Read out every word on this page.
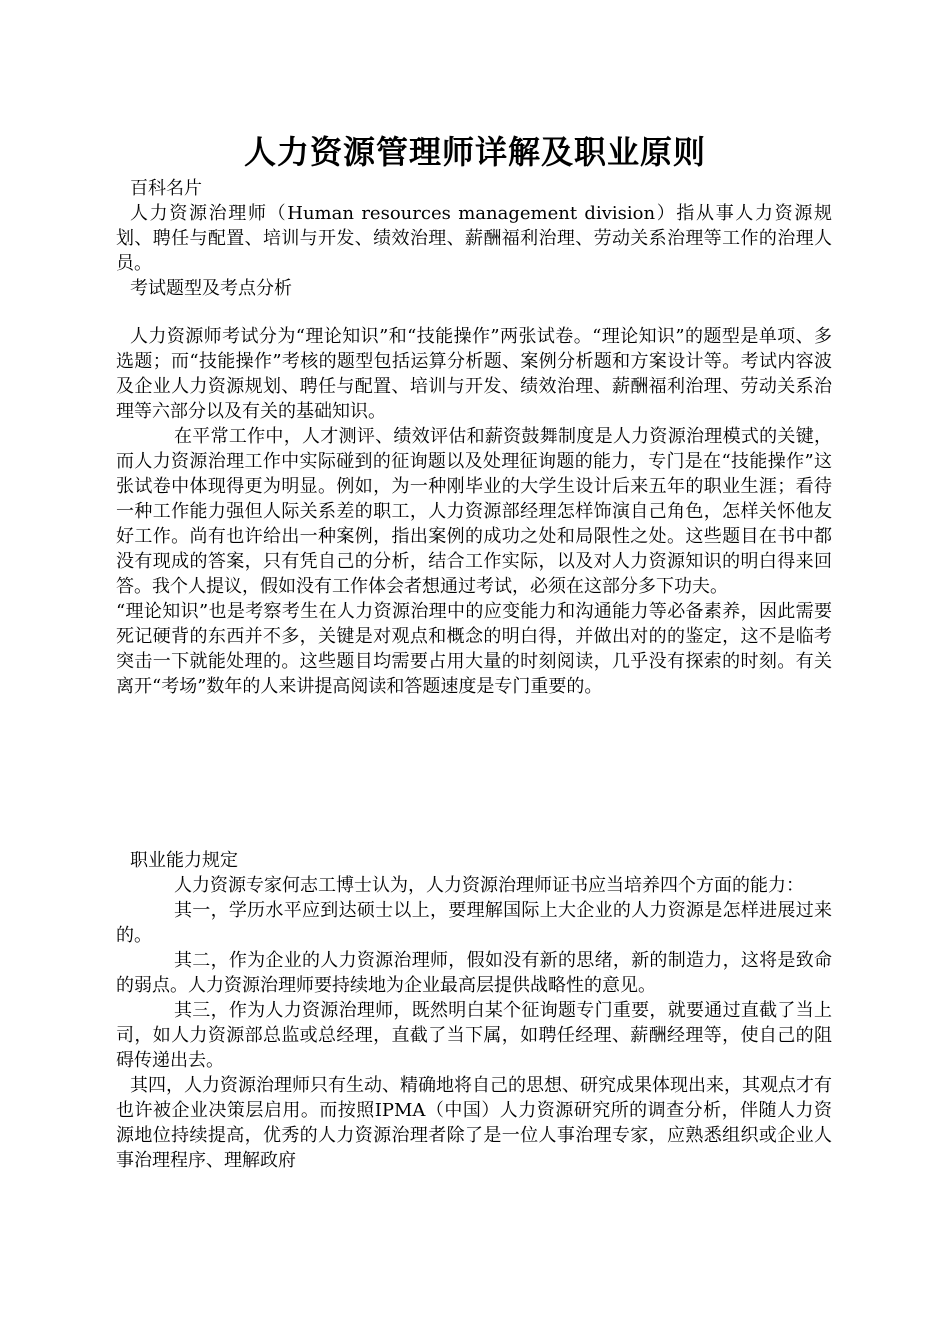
人力资源管理师详解及职业原则

百科名片

人力资源治理师（Human resources management division）指从事人力资源规划、聘任与配置、培训与开发、绩效治理、薪酬福利治理、劳动关系治理等工作的治理人员。

考试题型及考点分析

人力资源师考试分为“理论知识”和“技能操作”两张试卷。“理论知识”的题型是单项、多选题；而“技能操作”考核的题型包括运算分析题、案例分析题和方案设计等。考试内容波及企业人力资源规划、聘任与配置、培训与开发、绩效治理、薪酬福利治理、劳动关系治理等六部分以及有关的基础知识。

在平常工作中，人才测评、绩效评估和薪资鼓舞制度是人力资源治理模式的关键，而人力资源治理工作中实际碰到的征询题以及处理征询题的能力，专门是在“技能操作”这张试卷中体现得更为明显。例如，为一种刚毕业的大学生设计后来五年的职业生涯；看待一种工作能力强但人际关系差的职工，人力资源部经理怎样饰演自己角色，怎样关怀他友好工作。尚有也许给出一种案例，指出案例的成功之处和局限性之处。这些题目在书中都没有现成的答案，只有凭自己的分析，结合工作实际，以及对人力资源知识的明白得来回答。我个人提议，假如没有工作体会者想通过考试，必须在这部分多下功夫。

“理论知识”也是考察考生在人力资源治理中的应变能力和沟通能力等必备素养，因此需要死记硬背的东西并不多，关键是对观点和概念的明白得，并做出对的的鉴定，这不是临考突击一下就能处理的。这些题目均需要占用大量的时刻阅读，几乎没有探索的时刻。有关离开“考场”数年的人来讲提高阅读和答题速度是专门重要的。

职业能力规定

人力资源专家何志工博士认为，人力资源治理师证书应当培养四个方面的能力：

其一，学历水平应到达硕士以上，要理解国际上大企业的人力资源是怎样进展过来的。

其二，作为企业的人力资源治理师，假如没有新的思绪，新的制造力，这将是致命的弱点。人力资源治理师要持续地为企业最高层提供战略性的意见。

其三，作为人力资源治理师，既然明白某个征询题专门重要，就要通过直截了当上司，如人力资源部总监或总经理，直截了当下属，如聘任经理、薪酬经理等，使自己的阻碍传递出去。

其四，人力资源治理师只有生动、精确地将自己的思想、研究成果体现出来，其观点才有也许被企业决策层启用。而按照IPMA（中国）人力资源研究所的调查分析，伴随人力资源地位持续提高，优秀的人力资源治理者除了是一位人事治理专家，应熟悉组织或企业人事治理程序、理解政府
